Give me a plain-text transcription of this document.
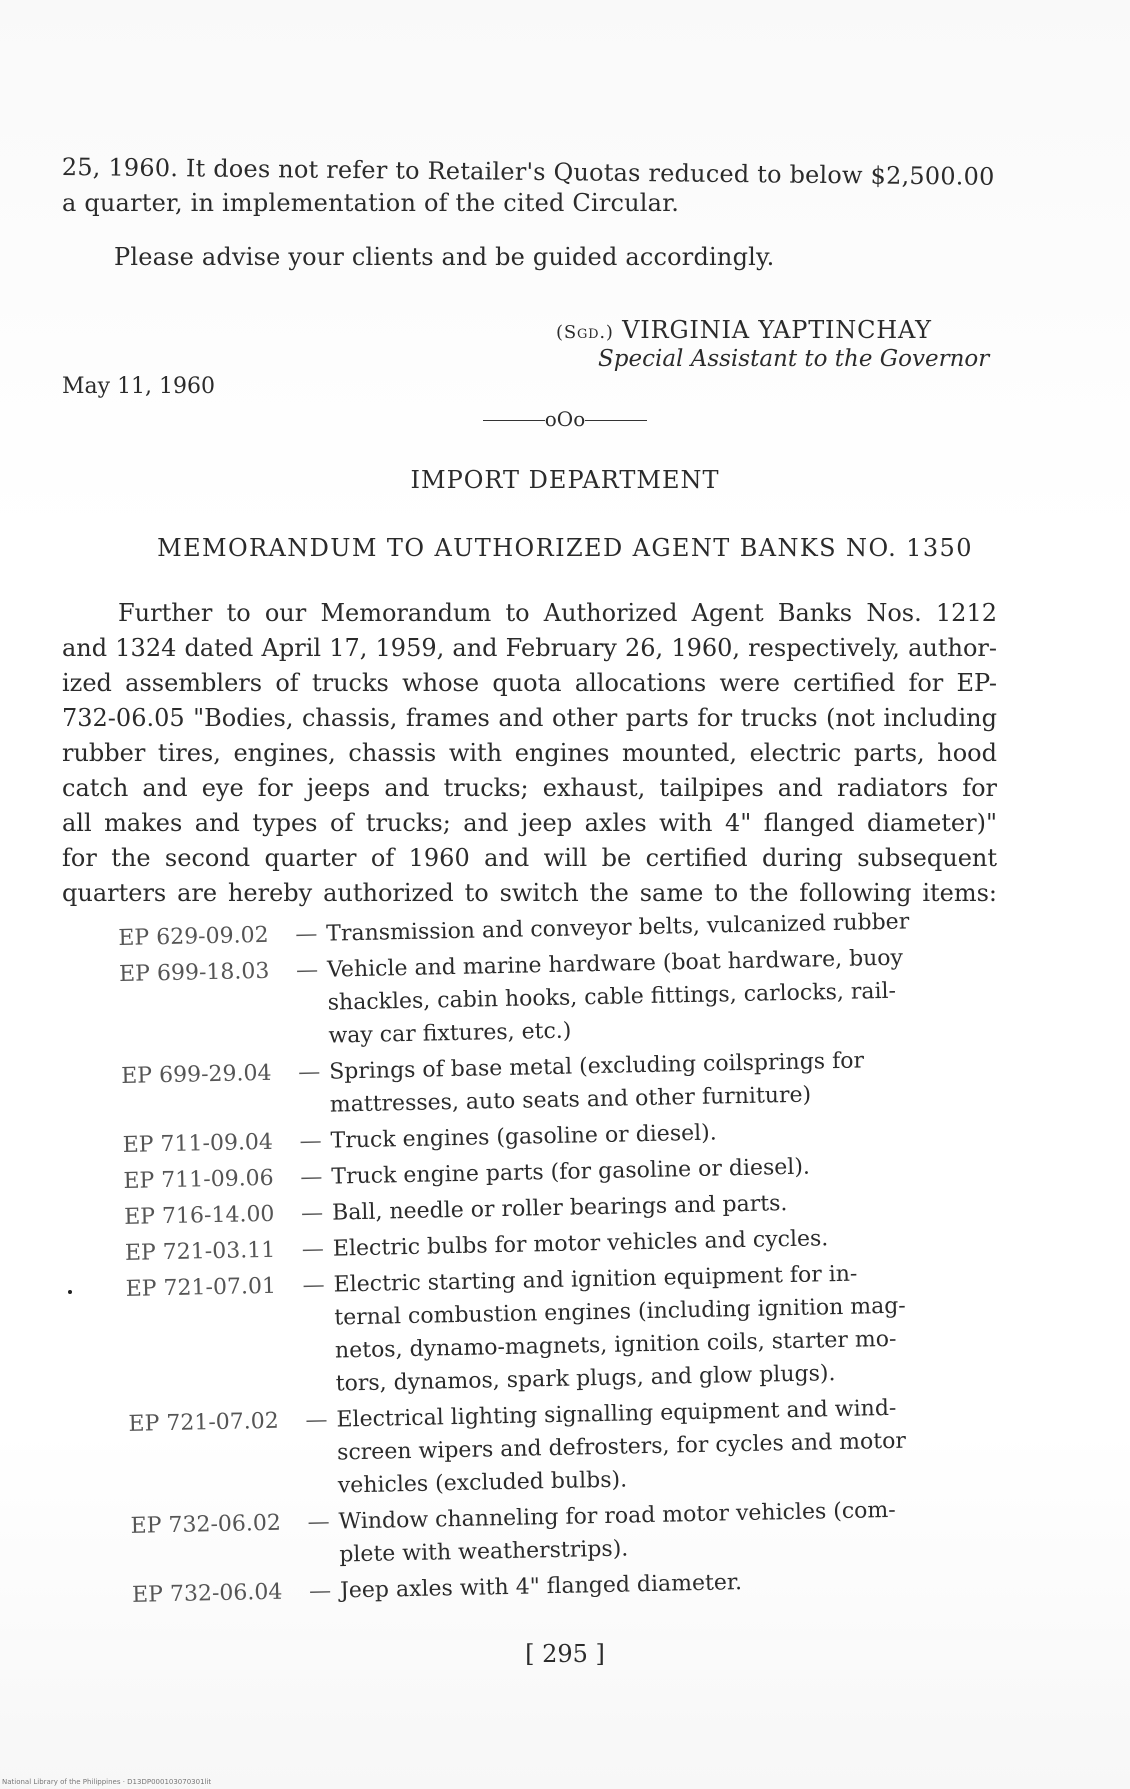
25, 1960. It does not refer to Retailer's Quotas reduced to below $2,500.00
a quarter, in implementation of the cited Circular.
Please advise your clients and be guided accordingly.
(Sgd.) VIRGINIA YAPTINCHAY
Special Assistant to the Governor
May 11, 1960
oOo
IMPORT DEPARTMENT
MEMORANDUM TO AUTHORIZED AGENT BANKS NO. 1350
Further to our Memorandum to Authorized Agent Banks Nos. 1212
and 1324 dated April 17, 1959, and February 26, 1960, respectively, author-
ized assemblers of trucks whose quota allocations were certified for EP-
732-06.05 "Bodies, chassis, frames and other parts for trucks (not including
rubber tires, engines, chassis with engines mounted, electric parts, hood
catch and eye for jeeps and trucks; exhaust, tailpipes and radiators for
all makes and types of trucks; and jeep axles with 4" flanged diameter)"
for the second quarter of 1960 and will be certified during subsequent
quarters are hereby authorized to switch the same to the following items:
EP 629-09.02	— Transmission and conveyor belts, vulcanized rubber
EP 699-18.03	— Vehicle and marine hardware (boat hardware, buoy
shackles, cabin hooks, cable fittings, carlocks, rail-
way car fixtures, etc.)
EP 699-29.04	— Springs of base metal (excluding coilsprings for
mattresses, auto seats and other furniture)
EP 711-09.04	— Truck engines (gasoline or diesel).
EP 711-09.06	— Truck engine parts (for gasoline or diesel).
EP 716-14.00	— Ball, needle or roller bearings and parts.
EP 721-03.11	— Electric bulbs for motor vehicles and cycles.
EP 721-07.01	— Electric starting and ignition equipment for in-
ternal combustion engines (including ignition mag-
netos, dynamo-magnets, ignition coils, starter mo-
tors, dynamos, spark plugs, and glow plugs).
EP 721-07.02	— Electrical lighting signalling equipment and wind-
screen wipers and defrosters, for cycles and motor
vehicles (excluded bulbs).
EP 732-06.02	— Window channeling for road motor vehicles (com-
plete with weatherstrips).
EP 732-06.04	— Jeep axles with 4" flanged diameter.
[ 295 ]
National Library of the Philippines · D13DP000103070301lit
